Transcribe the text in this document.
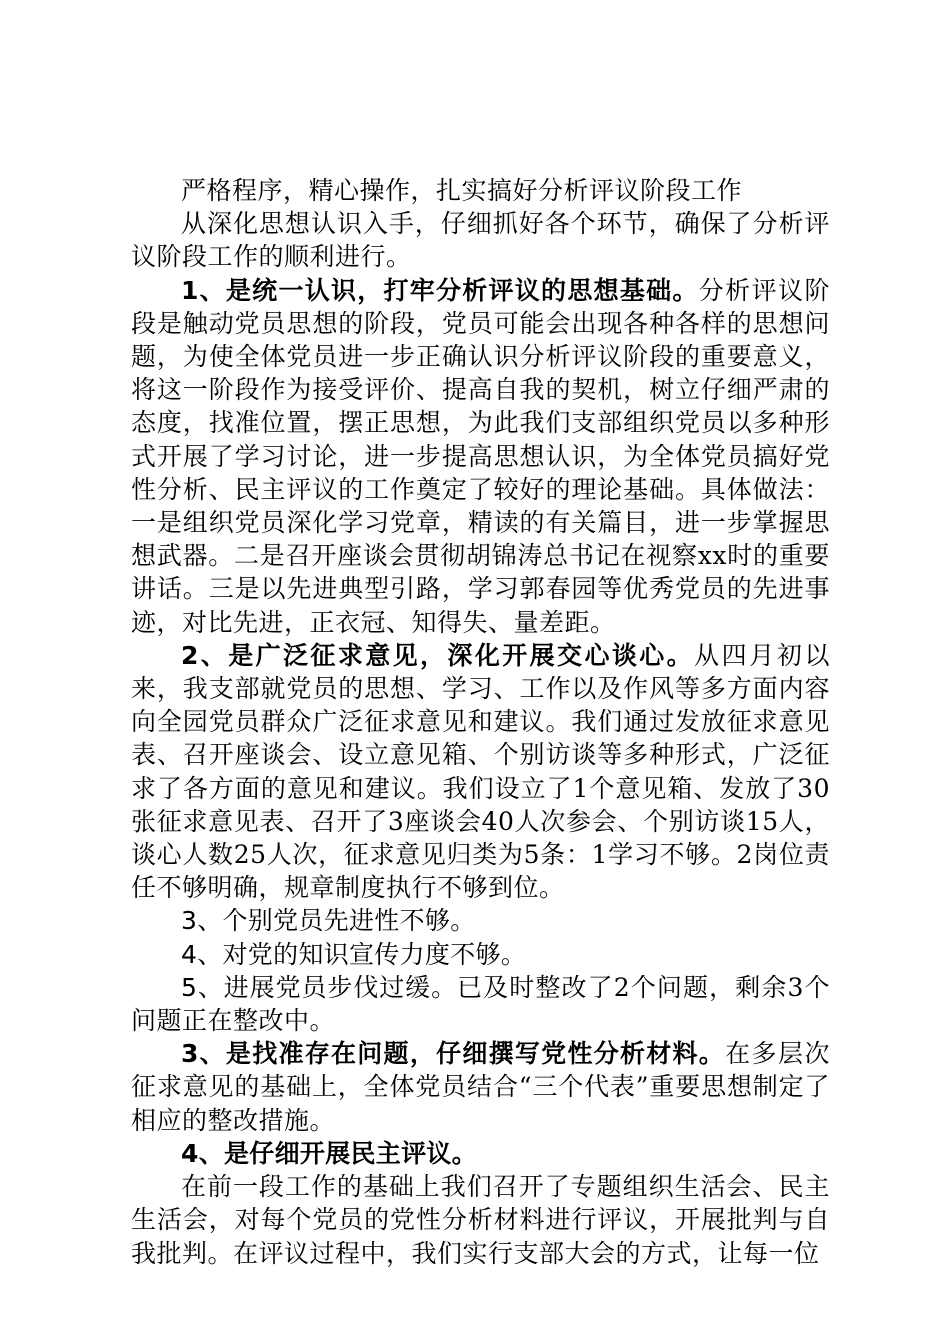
严格程序，精心操作，扎实搞好分析评议阶段工作

从深化思想认识入手，仔细抓好各个环节，确保了分析评议阶段工作的顺利进行。

1、是统一认识，打牢分析评议的思想基础。分析评议阶段是触动党员思想的阶段，党员可能会出现各种各样的思想问题，为使全体党员进一步正确认识分析评议阶段的重要意义，将这一阶段作为接受评价、提高自我的契机，树立仔细严肃的态度，找准位置，摆正思想，为此我们支部组织党员以多种形式开展了学习讨论，进一步提高思想认识，为全体党员搞好党性分析、民主评议的工作奠定了较好的理论基础。具体做法：一是组织党员深化学习党章，精读的有关篇目，进一步掌握思想武器。二是召开座谈会贯彻胡锦涛总书记在视察xx时的重要讲话。三是以先进典型引路，学习郭春园等优秀党员的先进事迹，对比先进，正衣冠、知得失、量差距。

2、是广泛征求意见，深化开展交心谈心。从四月初以来，我支部就党员的思想、学习、工作以及作风等多方面内容向全园党员群众广泛征求意见和建议。我们通过发放征求意见表、召开座谈会、设立意见箱、个别访谈等多种形式，广泛征求了各方面的意见和建议。我们设立了1个意见箱、发放了30张征求意见表、召开了3座谈会40人次参会、个别访谈15人，谈心人数25人次，征求意见归类为5条：1学习不够。2岗位责任不够明确，规章制度执行不够到位。

3、个别党员先进性不够。

4、对党的知识宣传力度不够。

5、进展党员步伐过缓。已及时整改了2个问题，剩余3个问题正在整改中。

3、是找准存在问题，仔细撰写党性分析材料。在多层次征求意见的基础上，全体党员结合“三个代表”重要思想制定了相应的整改措施。

4、是仔细开展民主评议。

在前一段工作的基础上我们召开了专题组织生活会、民主生活会，对每个党员的党性分析材料进行评议，开展批判与自我批判。在评议过程中，我们实行支部大会的方式，让每一位
